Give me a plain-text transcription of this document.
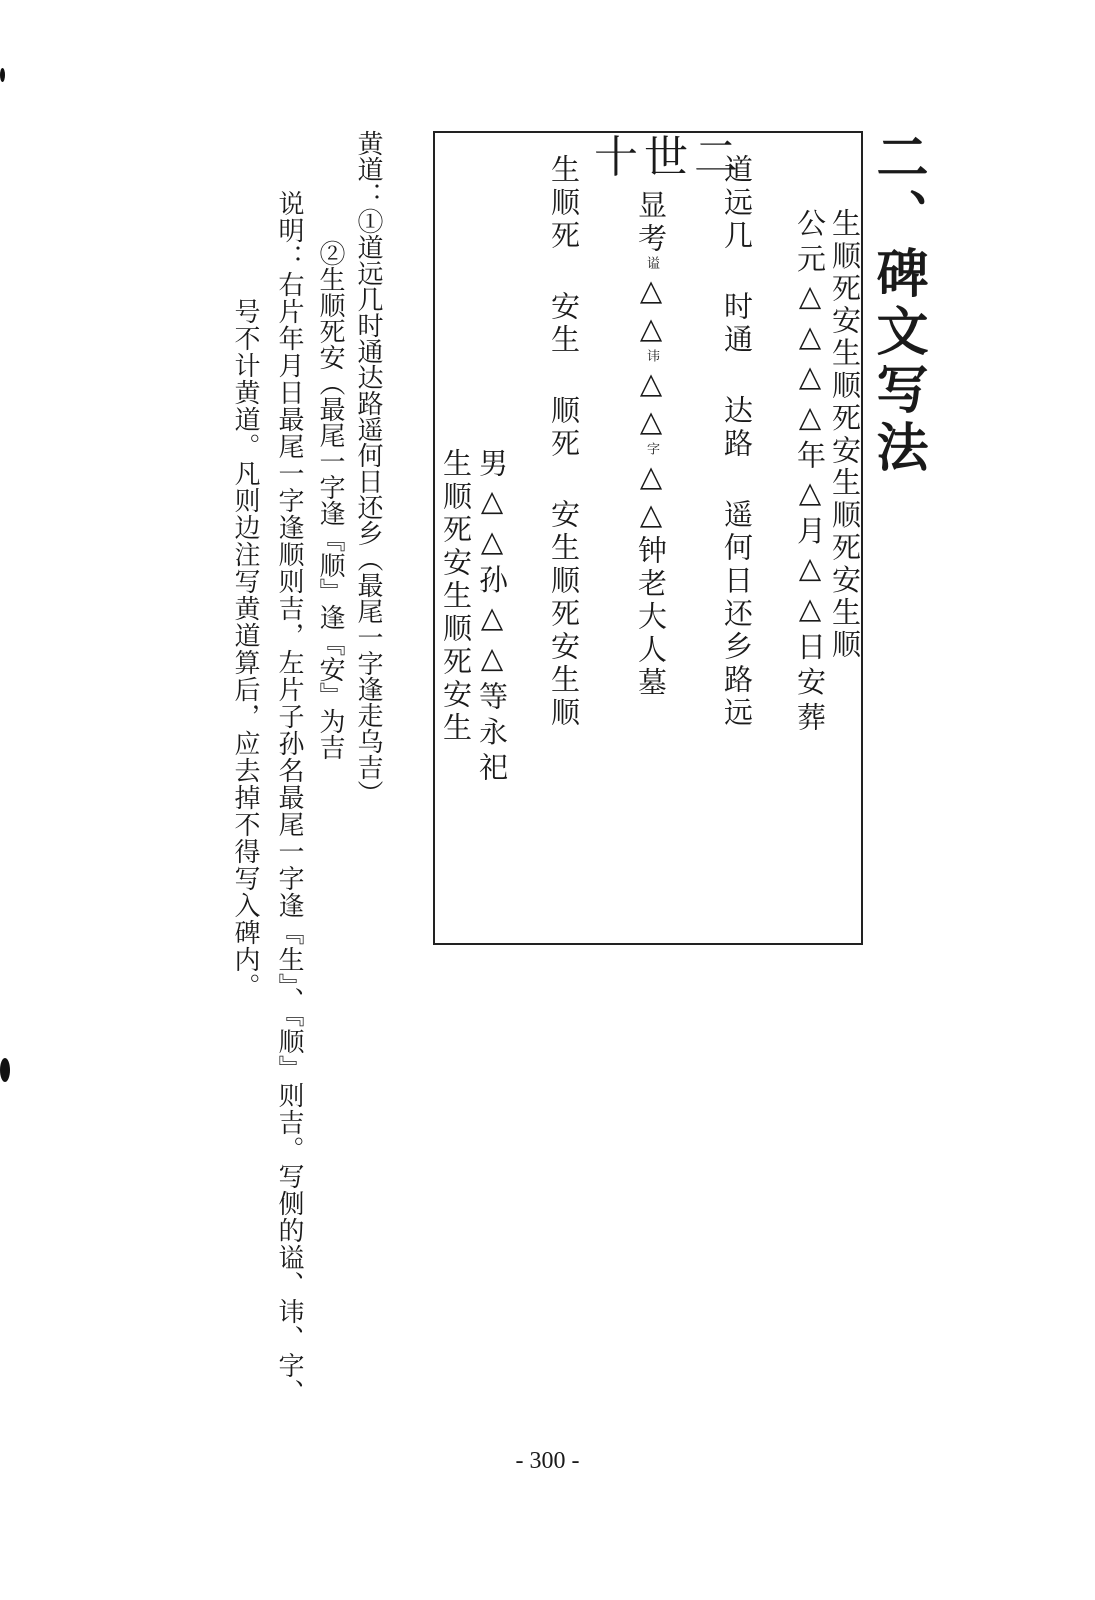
二、碑文写法
生顺死安生顺死安生顺死安生顺
公元△△△△年△月△△日安葬
道远几 时通 达路 遥何日还乡路远
十世二
显考谥△△讳△△字△△钟老大人墓
生顺死 安生 顺死 安生顺死安生顺
男△△孙△△等永祀
生顺死安生顺死安生
黄道：①道远几时通达路遥何日还乡（最尾一字逢走乌吉）
②生顺死安（最尾一字逢『顺』逢『安』为吉
说明：右片年月日最尾一字逢顺则吉，左片子孙名最尾一字逢『生』、『顺』则吉。写侧的谥、讳、字、
号不计黄道。凡则边注写黄道算后，应去掉不得写入碑内。
- 300 -
